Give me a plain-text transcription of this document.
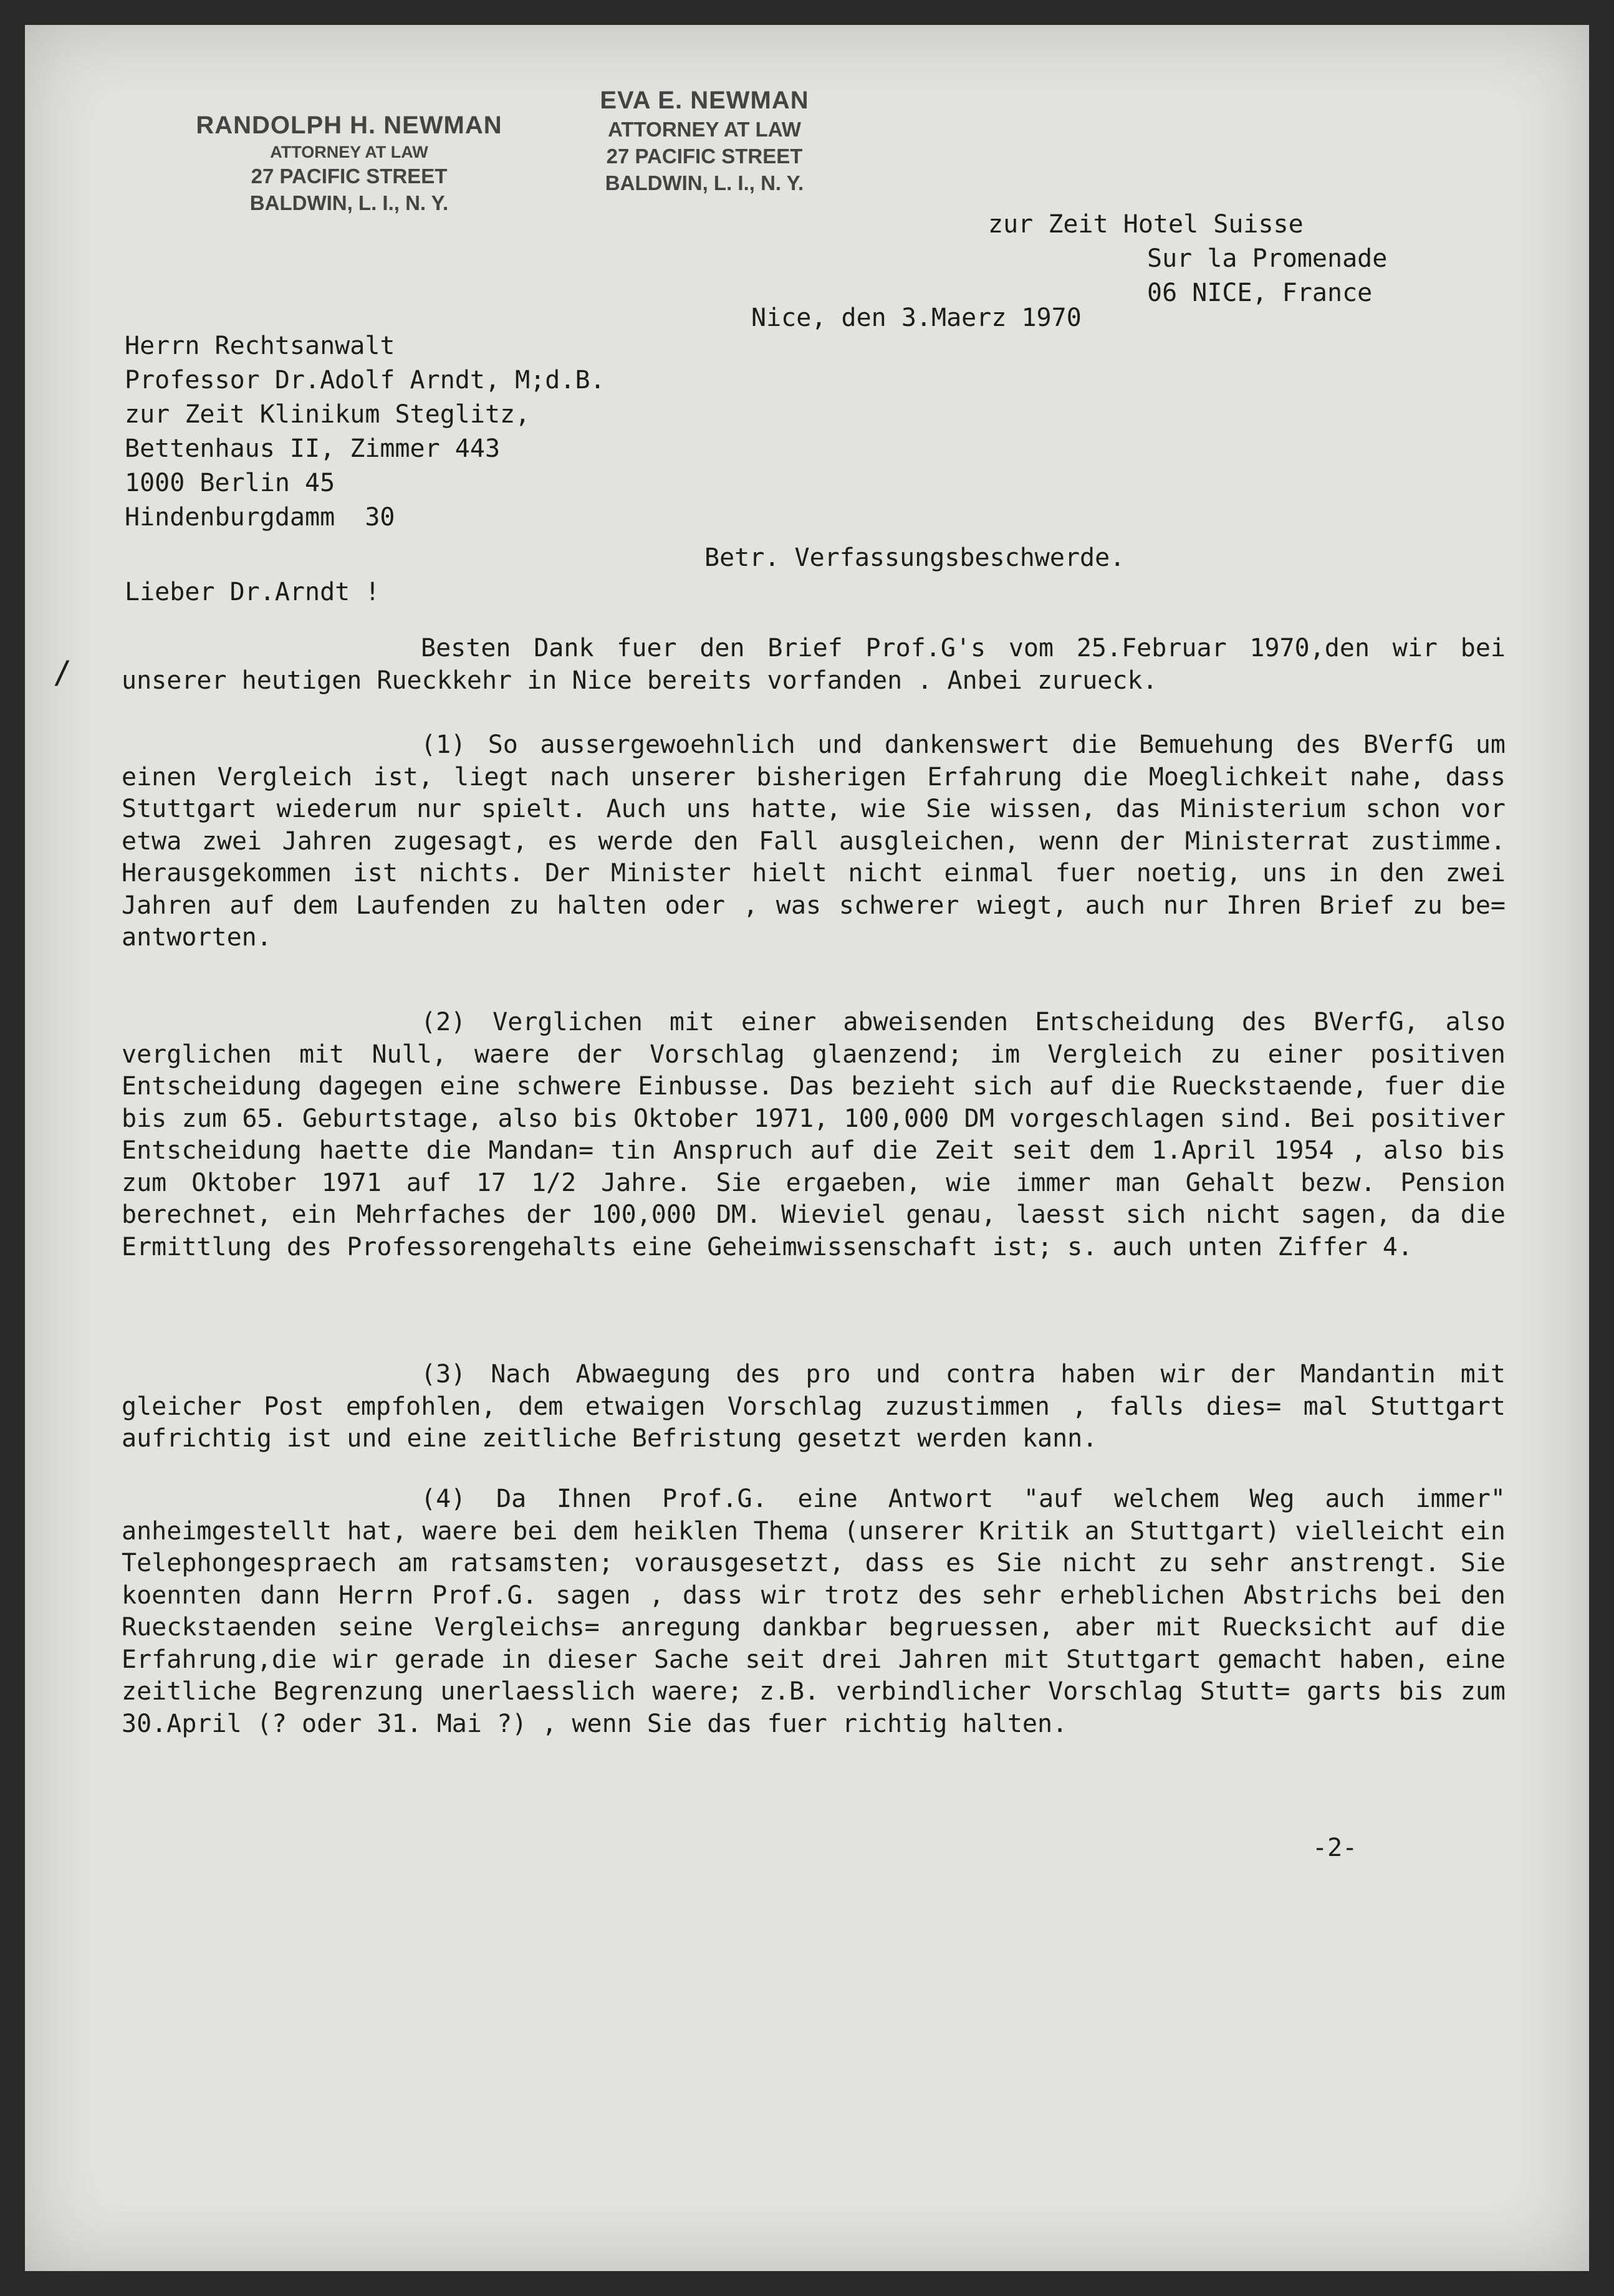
RANDOLPH H. NEWMAN
ATTORNEY AT LAW
27 PACIFIC STREET
BALDWIN, L. I., N. Y.
EVA E. NEWMAN
ATTORNEY AT LAW
27 PACIFIC STREET
BALDWIN, L. I., N. Y.
zur Zeit Hotel Suisse
Sur la Promenade
06 NICE, France
Nice, den 3.Maerz 1970
Herrn Rechtsanwalt
Professor Dr.Adolf Arndt, M;d.B.
zur Zeit Klinikum Steglitz,
Bettenhaus II, Zimmer 443
1000 Berlin 45
Hindenburgdamm  30
Betr. Verfassungsbeschwerde.
Lieber Dr.Arndt !
/

Besten Dank fuer den Brief Prof.G's vom 25.Februar 1970,den wir bei unserer heutigen Rueckkehr in Nice bereits vorfanden . Anbei zurueck.

(1) So aussergewoehnlich und dankenswert die Bemuehung des BVerfG um einen Vergleich ist, liegt nach unserer bisherigen Erfahrung die Moeglichkeit nahe, dass Stuttgart wiederum nur spielt. Auch uns hatte, wie Sie wissen, das Ministerium schon vor etwa zwei Jahren zugesagt, es werde den Fall ausgleichen, wenn der Ministerrat zustimme. Herausgekommen ist nichts. Der Minister hielt nicht einmal fuer noetig, uns in den zwei Jahren auf dem Laufenden zu halten oder , was schwerer wiegt, auch nur Ihren Brief zu be= antworten.

(2) Verglichen mit einer abweisenden Entscheidung des BVerfG, also verglichen mit Null, waere der Vorschlag glaenzend; im Vergleich zu einer positiven Entscheidung dagegen eine schwere Einbusse. Das bezieht sich auf die Rueckstaende, fuer die bis zum 65. Geburtstage, also bis Oktober 1971, 100,000 DM vorgeschlagen sind. Bei positiver Entscheidung haette die Mandan= tin Anspruch auf die Zeit seit dem 1.April 1954 , also bis zum Oktober 1971 auf 17 1/2 Jahre. Sie ergaeben, wie immer man Gehalt bezw. Pension berechnet, ein Mehrfaches der 100,000 DM. Wieviel genau, laesst sich nicht sagen, da die Ermittlung des Professorengehalts eine Geheimwissenschaft ist; s. auch unten Ziffer 4.

(3) Nach Abwaegung des pro und contra haben wir der Mandantin mit gleicher Post empfohlen, dem etwaigen Vorschlag zuzustimmen , falls dies= mal Stuttgart aufrichtig ist und eine zeitliche Befristung gesetzt werden kann.

(4) Da Ihnen Prof.G. eine Antwort "auf welchem Weg auch immer" anheimgestellt hat, waere bei dem heiklen Thema (unserer Kritik an Stuttgart) vielleicht ein Telephongespraech am ratsamsten; vorausgesetzt, dass es Sie nicht zu sehr anstrengt. Sie koennten dann Herrn Prof.G. sagen , dass wir trotz des sehr erheblichen Abstrichs bei den Rueckstaenden seine Vergleichs= anregung dankbar begruessen, aber mit Ruecksicht auf die Erfahrung,die wir gerade in dieser Sache seit drei Jahren mit Stuttgart gemacht haben, eine zeitliche Begrenzung unerlaesslich waere; z.B. verbindlicher Vorschlag Stutt= garts bis zum 30.April (? oder 31. Mai ?) , wenn Sie das fuer richtig halten.

-2-
